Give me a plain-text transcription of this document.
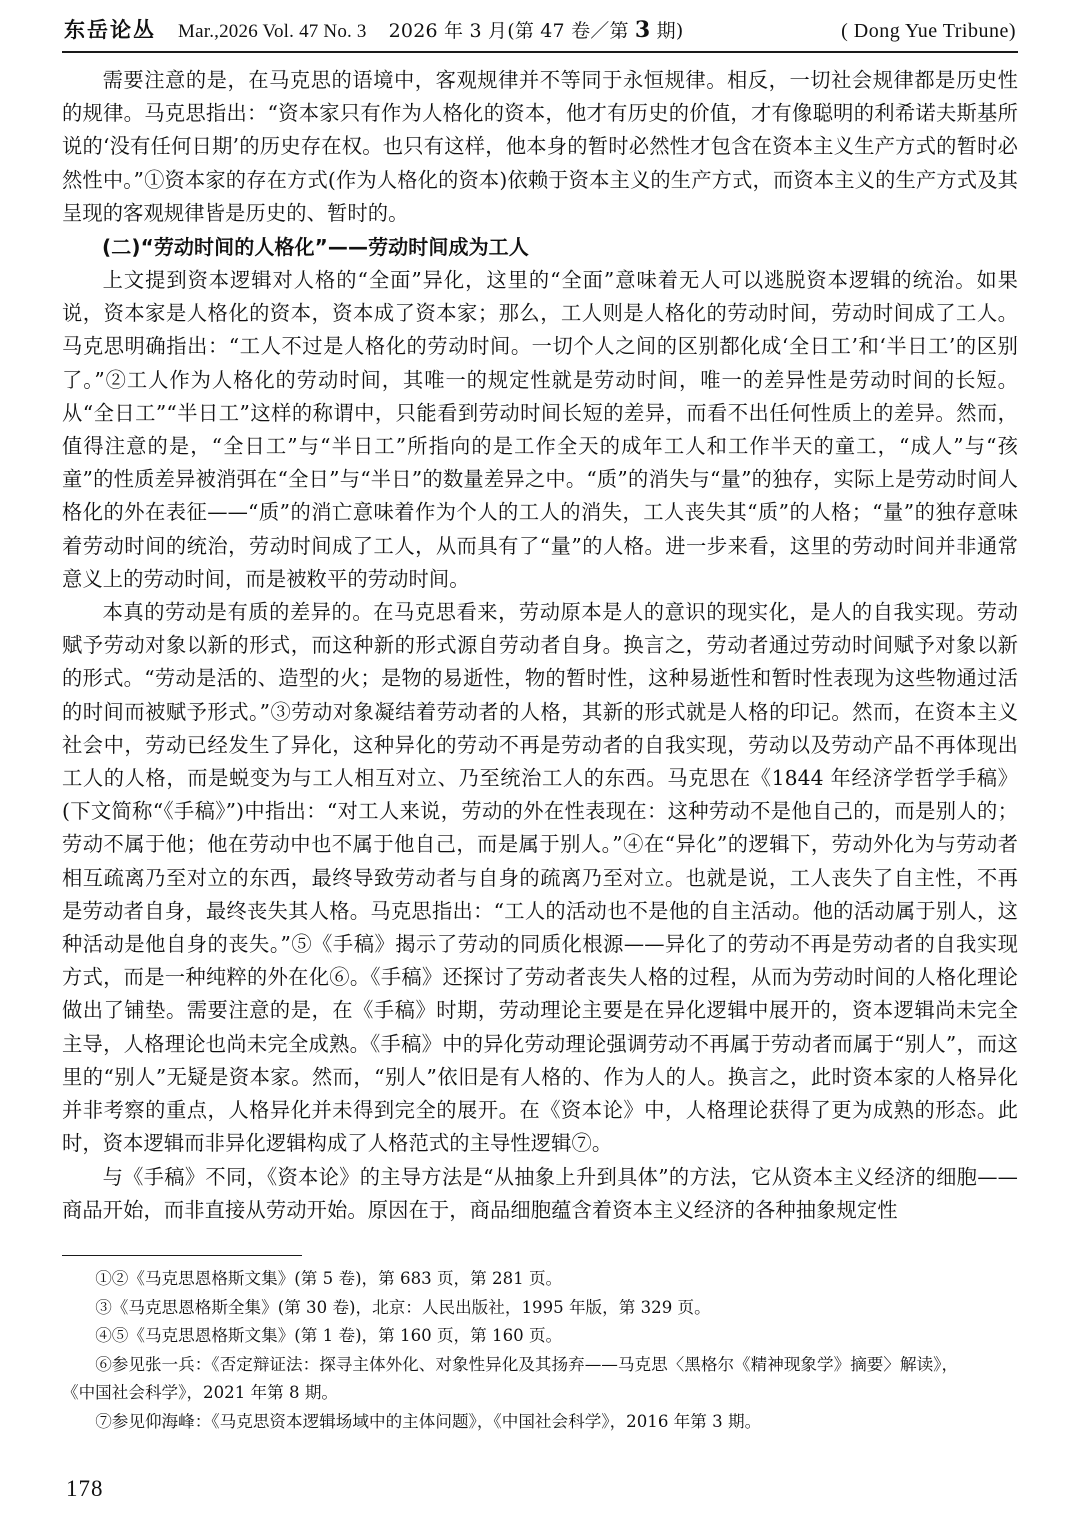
东岳论丛 Mar.,2026 Vol. 47 No. 3 2026 年 3 月(第 47 卷／第 3 期)	( Dong Yue Tribune)

需要注意的是，在马克思的语境中，客观规律并不等同于永恒规律。相反，一切社会规律都是历史性的规律。马克思指出：“资本家只有作为人格化的资本，他才有历史的价值，才有像聪明的利希诺夫斯基所说的‘没有任何日期’的历史存在权。也只有这样，他本身的暂时必然性才包含在资本主义生产方式的暂时必然性中。”①资本家的存在方式(作为人格化的资本)依赖于资本主义的生产方式，而资本主义的生产方式及其呈现的客观规律皆是历史的、暂时的。

(二)“劳动时间的人格化”——劳动时间成为工人

上文提到资本逻辑对人格的“全面”异化，这里的“全面”意味着无人可以逃脱资本逻辑的统治。如果说，资本家是人格化的资本，资本成了资本家；那么，工人则是人格化的劳动时间，劳动时间成了工人。马克思明确指出：“工人不过是人格化的劳动时间。一切个人之间的区别都化成‘全日工’和‘半日工’的区别了。”②工人作为人格化的劳动时间，其唯一的规定性就是劳动时间，唯一的差异性是劳动时间的长短。从“全日工”“半日工”这样的称谓中，只能看到劳动时间长短的差异，而看不出任何性质上的差异。然而，值得注意的是，“全日工”与“半日工”所指向的是工作全天的成年工人和工作半天的童工，“成人”与“孩童”的性质差异被消弭在“全日”与“半日”的数量差异之中。“质”的消失与“量”的独存，实际上是劳动时间人格化的外在表征——“质”的消亡意味着作为个人的工人的消失，工人丧失其“质”的人格；“量”的独存意味着劳动时间的统治，劳动时间成了工人，从而具有了“量”的人格。进一步来看，这里的劳动时间并非通常意义上的劳动时间，而是被敉平的劳动时间。

本真的劳动是有质的差异的。在马克思看来，劳动原本是人的意识的现实化，是人的自我实现。劳动赋予劳动对象以新的形式，而这种新的形式源自劳动者自身。换言之，劳动者通过劳动时间赋予对象以新的形式。“劳动是活的、造型的火；是物的易逝性，物的暂时性，这种易逝性和暂时性表现为这些物通过活的时间而被赋予形式。”③劳动对象凝结着劳动者的人格，其新的形式就是人格的印记。然而，在资本主义社会中，劳动已经发生了异化，这种异化的劳动不再是劳动者的自我实现，劳动以及劳动产品不再体现出工人的人格，而是蜕变为与工人相互对立、乃至统治工人的东西。马克思在《1844 年经济学哲学手稿》(下文简称“《手稿》”)中指出：“对工人来说，劳动的外在性表现在：这种劳动不是他自己的，而是别人的；劳动不属于他；他在劳动中也不属于他自己，而是属于别人。”④在“异化”的逻辑下，劳动外化为与劳动者相互疏离乃至对立的东西，最终导致劳动者与自身的疏离乃至对立。也就是说，工人丧失了自主性，不再是劳动者自身，最终丧失其人格。马克思指出：“工人的活动也不是他的自主活动。他的活动属于别人，这种活动是他自身的丧失。”⑤《手稿》揭示了劳动的同质化根源——异化了的劳动不再是劳动者的自我实现方式，而是一种纯粹的外在化⑥。《手稿》还探讨了劳动者丧失人格的过程，从而为劳动时间的人格化理论做出了铺垫。需要注意的是，在《手稿》时期，劳动理论主要是在异化逻辑中展开的，资本逻辑尚未完全主导，人格理论也尚未完全成熟。《手稿》中的异化劳动理论强调劳动不再属于劳动者而属于“别人”，而这里的“别人”无疑是资本家。然而，“别人”依旧是有人格的、作为人的人。换言之，此时资本家的人格异化并非考察的重点，人格异化并未得到完全的展开。在《资本论》中，人格理论获得了更为成熟的形态。此时，资本逻辑而非异化逻辑构成了人格范式的主导性逻辑⑦。

与《手稿》不同，《资本论》的主导方法是“从抽象上升到具体”的方法，它从资本主义经济的细胞——商品开始，而非直接从劳动开始。原因在于，商品细胞蕴含着资本主义经济的各种抽象规定性

①②《马克思恩格斯文集》(第 5 卷)，第 683 页，第 281 页。

③《马克思恩格斯全集》(第 30 卷)，北京：人民出版社，1995 年版，第 329 页。

④⑤《马克思恩格斯文集》(第 1 卷)，第 160 页，第 160 页。

⑥参见张一兵：《否定辩证法：探寻主体外化、对象性异化及其扬弃——马克思〈黑格尔《精神现象学》摘要〉解读》，

《中国社会科学》，2021 年第 8 期。

⑦参见仰海峰：《马克思资本逻辑场域中的主体问题》，《中国社会科学》，2016 年第 3 期。

178
